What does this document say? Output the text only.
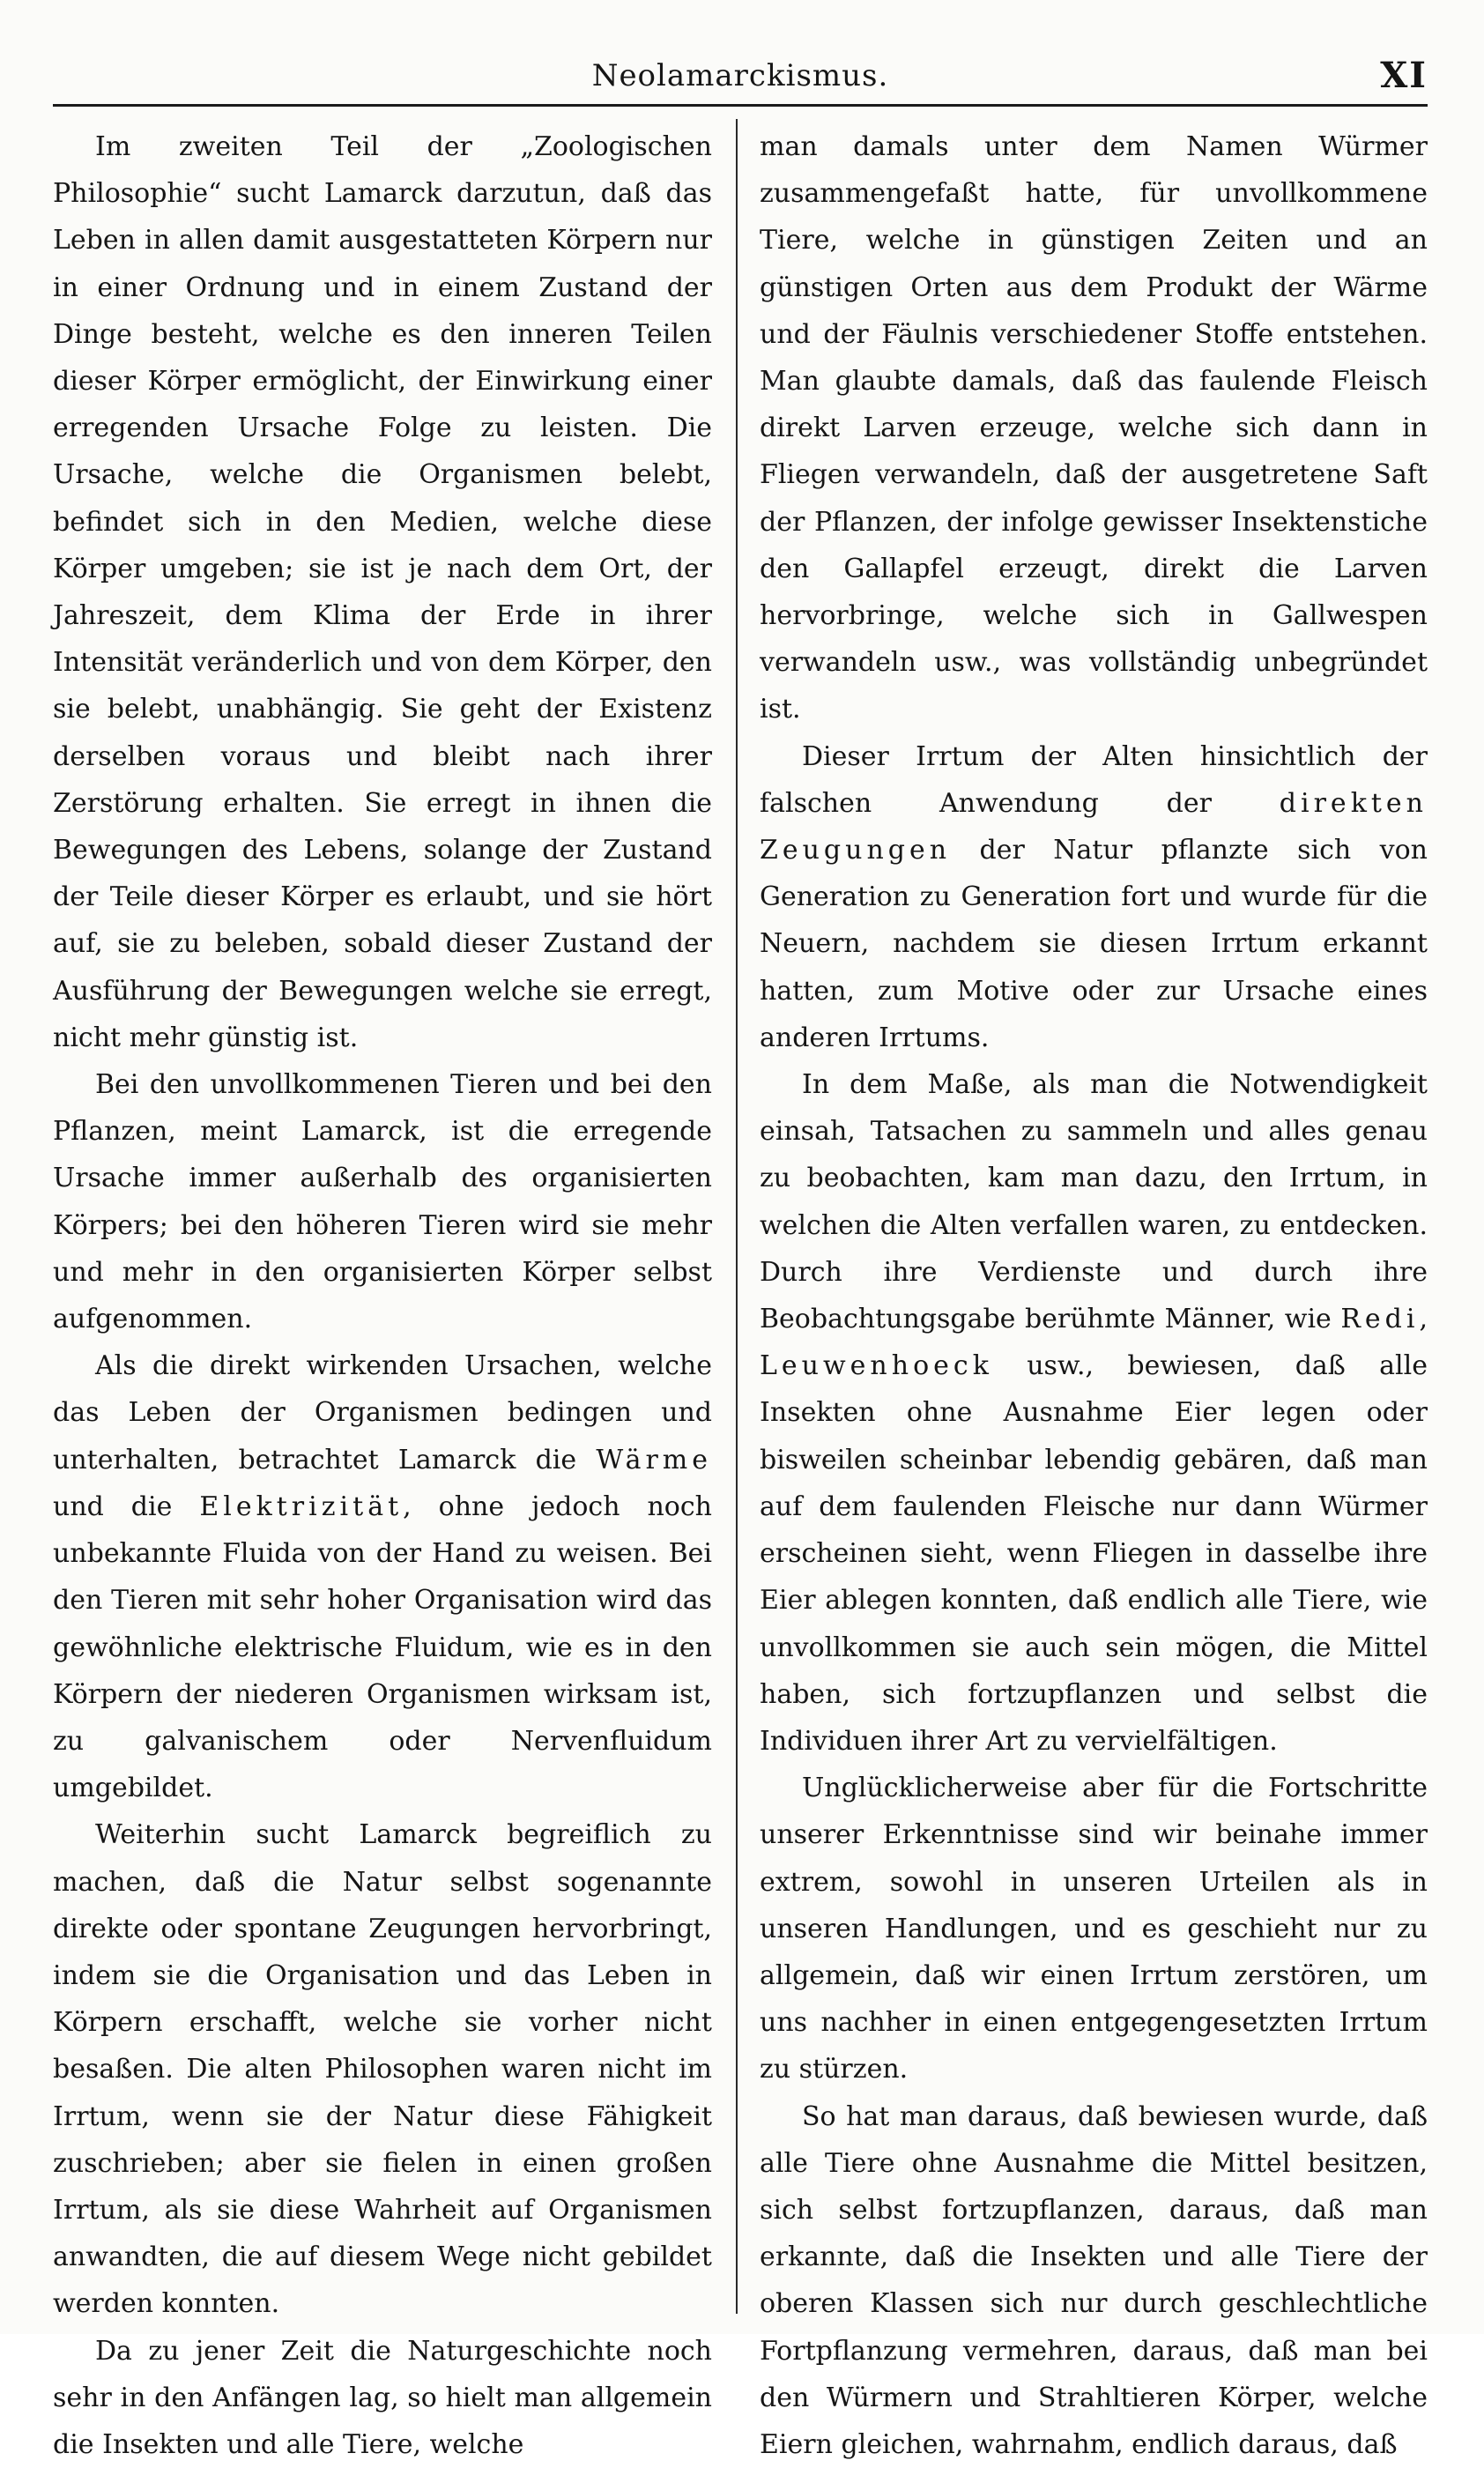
Neolamarckismus.	XI

Im zweiten Teil der „Zoologischen Philosophie“ sucht Lamarck darzutun, daß das Leben in allen damit ausgestatteten Körpern nur in einer Ordnung und in einem Zustand der Dinge besteht, welche es den inneren Teilen dieser Körper ermöglicht, der Einwirkung einer erregenden Ursache Folge zu leisten. Die Ursache, welche die Organismen belebt, befindet sich in den Medien, welche diese Körper umgeben; sie ist je nach dem Ort, der Jahreszeit, dem Klima der Erde in ihrer Intensität veränderlich und von dem Körper, den sie belebt, unabhängig. Sie geht der Existenz derselben voraus und bleibt nach ihrer Zerstörung erhalten. Sie erregt in ihnen die Bewegungen des Lebens, solange der Zustand der Teile dieser Körper es erlaubt, und sie hört auf, sie zu beleben, sobald dieser Zustand der Ausführung der Bewegungen welche sie erregt, nicht mehr günstig ist.

Bei den unvollkommenen Tieren und bei den Pflanzen, meint Lamarck, ist die erregende Ursache immer außerhalb des organisierten Körpers; bei den höheren Tieren wird sie mehr und mehr in den organisierten Körper selbst aufgenommen.

Als die direkt wirkenden Ursachen, welche das Leben der Organismen bedingen und unterhalten, betrachtet Lamarck die Wärme und die Elektrizität, ohne jedoch noch unbekannte Fluida von der Hand zu weisen. Bei den Tieren mit sehr hoher Organisation wird das gewöhnliche elektrische Fluidum, wie es in den Körpern der niederen Organismen wirksam ist, zu galvanischem oder Nervenfluidum umgebildet.

Weiterhin sucht Lamarck begreiflich zu machen, daß die Natur selbst sogenannte direkte oder spontane Zeugungen hervorbringt, indem sie die Organisation und das Leben in Körpern erschafft, welche sie vorher nicht besaßen. Die alten Philosophen waren nicht im Irrtum, wenn sie der Natur diese Fähigkeit zuschrieben; aber sie fielen in einen großen Irrtum, als sie diese Wahrheit auf Organismen anwandten, die auf diesem Wege nicht gebildet werden konnten.

Da zu jener Zeit die Naturgeschichte noch sehr in den Anfängen lag, so hielt man allgemein die Insekten und alle Tiere, welche

man damals unter dem Namen Würmer zusammengefaßt hatte, für unvollkommene Tiere, welche in günstigen Zeiten und an günstigen Orten aus dem Produkt der Wärme und der Fäulnis verschiedener Stoffe entstehen. Man glaubte damals, daß das faulende Fleisch direkt Larven erzeuge, welche sich dann in Fliegen verwandeln, daß der ausgetretene Saft der Pflanzen, der infolge gewisser Insektenstiche den Gallapfel erzeugt, direkt die Larven hervorbringe, welche sich in Gallwespen verwandeln usw., was vollständig unbegründet ist.

Dieser Irrtum der Alten hinsichtlich der falschen Anwendung der direkten Zeugungen der Natur pflanzte sich von Generation zu Generation fort und wurde für die Neuern, nachdem sie diesen Irrtum erkannt hatten, zum Motive oder zur Ursache eines anderen Irrtums.

In dem Maße, als man die Notwendigkeit einsah, Tatsachen zu sammeln und alles genau zu beobachten, kam man dazu, den Irrtum, in welchen die Alten verfallen waren, zu entdecken. Durch ihre Verdienste und durch ihre Beobachtungsgabe berühmte Männer, wie Redi, Leuwenhoeck usw., bewiesen, daß alle Insekten ohne Ausnahme Eier legen oder bisweilen scheinbar lebendig gebären, daß man auf dem faulenden Fleische nur dann Würmer erscheinen sieht, wenn Fliegen in dasselbe ihre Eier ablegen konnten, daß endlich alle Tiere, wie unvollkommen sie auch sein mögen, die Mittel haben, sich fortzupflanzen und selbst die Individuen ihrer Art zu vervielfältigen.

Unglücklicherweise aber für die Fortschritte unserer Erkenntnisse sind wir beinahe immer extrem, sowohl in unseren Urteilen als in unseren Handlungen, und es geschieht nur zu allgemein, daß wir einen Irrtum zerstören, um uns nachher in einen entgegengesetzten Irrtum zu stürzen.

So hat man daraus, daß bewiesen wurde, daß alle Tiere ohne Ausnahme die Mittel besitzen, sich selbst fortzupflanzen, daraus, daß man erkannte, daß die Insekten und alle Tiere der oberen Klassen sich nur durch geschlechtliche Fortpflanzung vermehren, daraus, daß man bei den Würmern und Strahltieren Körper, welche Eiern gleichen, wahrnahm, endlich daraus, daß
